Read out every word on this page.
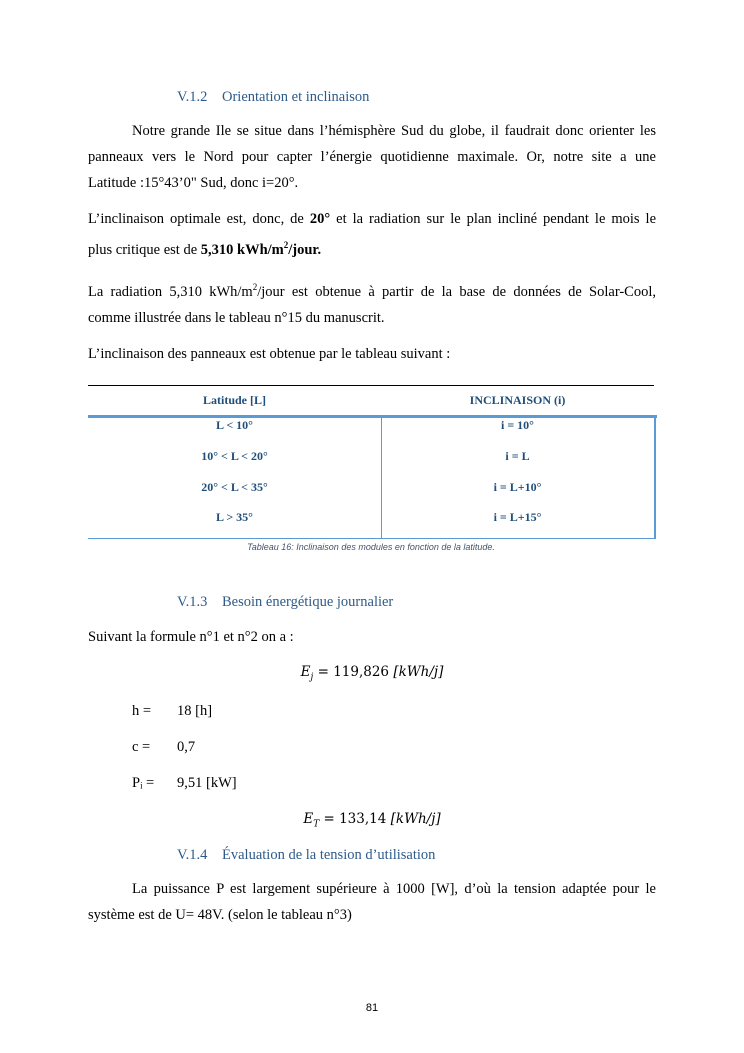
V.1.2 Orientation et inclinaison
Notre grande Ile se situe dans l’hémisphère Sud du globe, il faudrait donc orienter les
panneaux vers le Nord pour capter l’énergie quotidienne maximale. Or, notre site a une
Latitude :15°43’0" Sud, donc i=20°.
L’inclinaison optimale est, donc, de 20° et la radiation sur le plan incliné pendant le mois le
plus critique est de 5,310 kWh/$m^2$/jour.
La radiation 5,310 kWh/$m^2$/jour est obtenue à partir de la base de données de Solar-Cool,
comme illustrée dans le tableau n°15 du manuscrit.
L’inclinaison des panneaux est obtenue par le tableau suivant :
Latitude [L]	INCLINAISON (i)
L < 10°	i = 10°
10° < L < 20°	i = L
20° < L < 35°	i = L+10°
L > 35°	i = L+15°
Tableau 16: Inclinaison des modules en fonction de la latitude.
V.1.3 Besoin énergétique journalier
Suivant la formule n°1 et n°2 on a :
$E_j = 119,826$ [kWh/j]
h = 18 [h]
c = 0,7
Pᵢ = 9,51 [kW]
$E_T = 133,14$ [kWh/j]
V.1.4 Évaluation de la tension d’utilisation
La puissance P est largement supérieure à 1000 [W], d’où la tension adaptée pour le
système est de U= 48V. (selon le tableau n°3)
81
